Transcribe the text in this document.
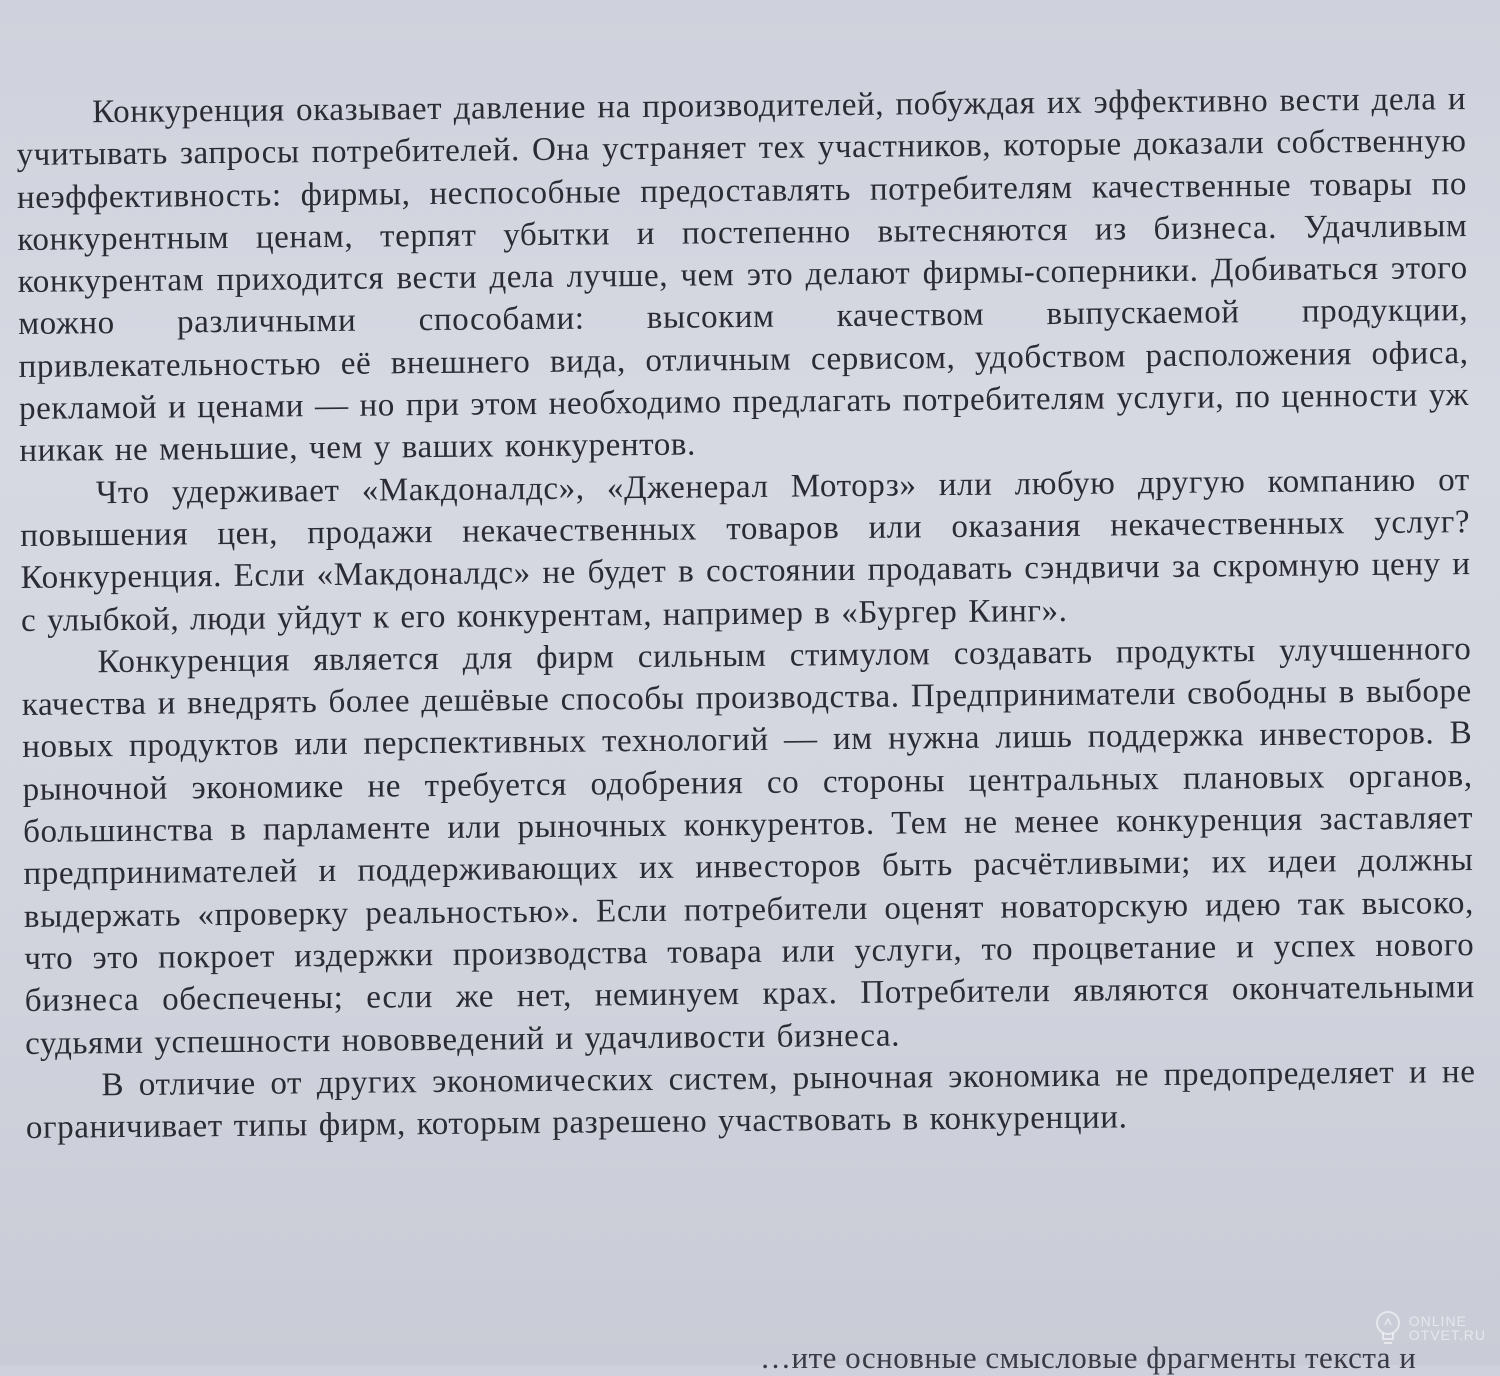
Конкуренция оказывает давление на производителей, побуждая их эффективно вести дела и учитывать запросы потребителей. Она устраняет тех участников, которые доказали собственную неэффективность: фирмы, неспособные предоставлять потребителям качественные товары по конкурентным ценам, терпят убытки и постепенно вытесняются из бизнеса. Удачливым конкурентам приходится вести дела лучше, чем это делают фирмы-соперники. Добиваться этого можно различными способами: высоким качеством выпускаемой продукции, привлекательностью её внешнего вида, отличным сервисом, удобством расположения офиса, рекламой и ценами — но при этом необходимо предлагать потребителям услуги, по ценности уж никак не меньшие, чем у ваших конкурентов.

Что удерживает «Макдоналдс», «Дженерал Моторз» или любую другую компанию от повышения цен, продажи некачественных товаров или оказания некачественных услуг? Конкуренция. Если «Макдоналдс» не будет в состоянии продавать сэндвичи за скромную цену и с улыбкой, люди уйдут к его конкурентам, например в «Бургер Кинг».

Конкуренция является для фирм сильным стимулом создавать продукты улучшенного качества и внедрять более дешёвые способы производства. Предприниматели свободны в выборе новых продуктов или перспективных технологий — им нужна лишь поддержка инвесторов. В рыночной экономике не требуется одобрения со стороны центральных плановых органов, большинства в парламенте или рыночных конкурентов. Тем не менее конкуренция заставляет предпринимателей и поддерживающих их инвесторов быть расчётливыми; их идеи должны выдержать «проверку реальностью». Если потребители оценят новаторскую идею так высоко, что это покроет издержки производства товара или услуги, то процветание и успех нового бизнеса обеспечены; если же нет, неминуем крах. Потребители являются окончательными судьями успешности нововведений и удачливости бизнеса.

В отличие от других экономических систем, рыночная экономика не предопределяет и не ограничивает типы фирм, которым разрешено участвовать в конкуренции.

…ите основные смысловые фрагменты текста и
ONLINE
OTVET.RU
